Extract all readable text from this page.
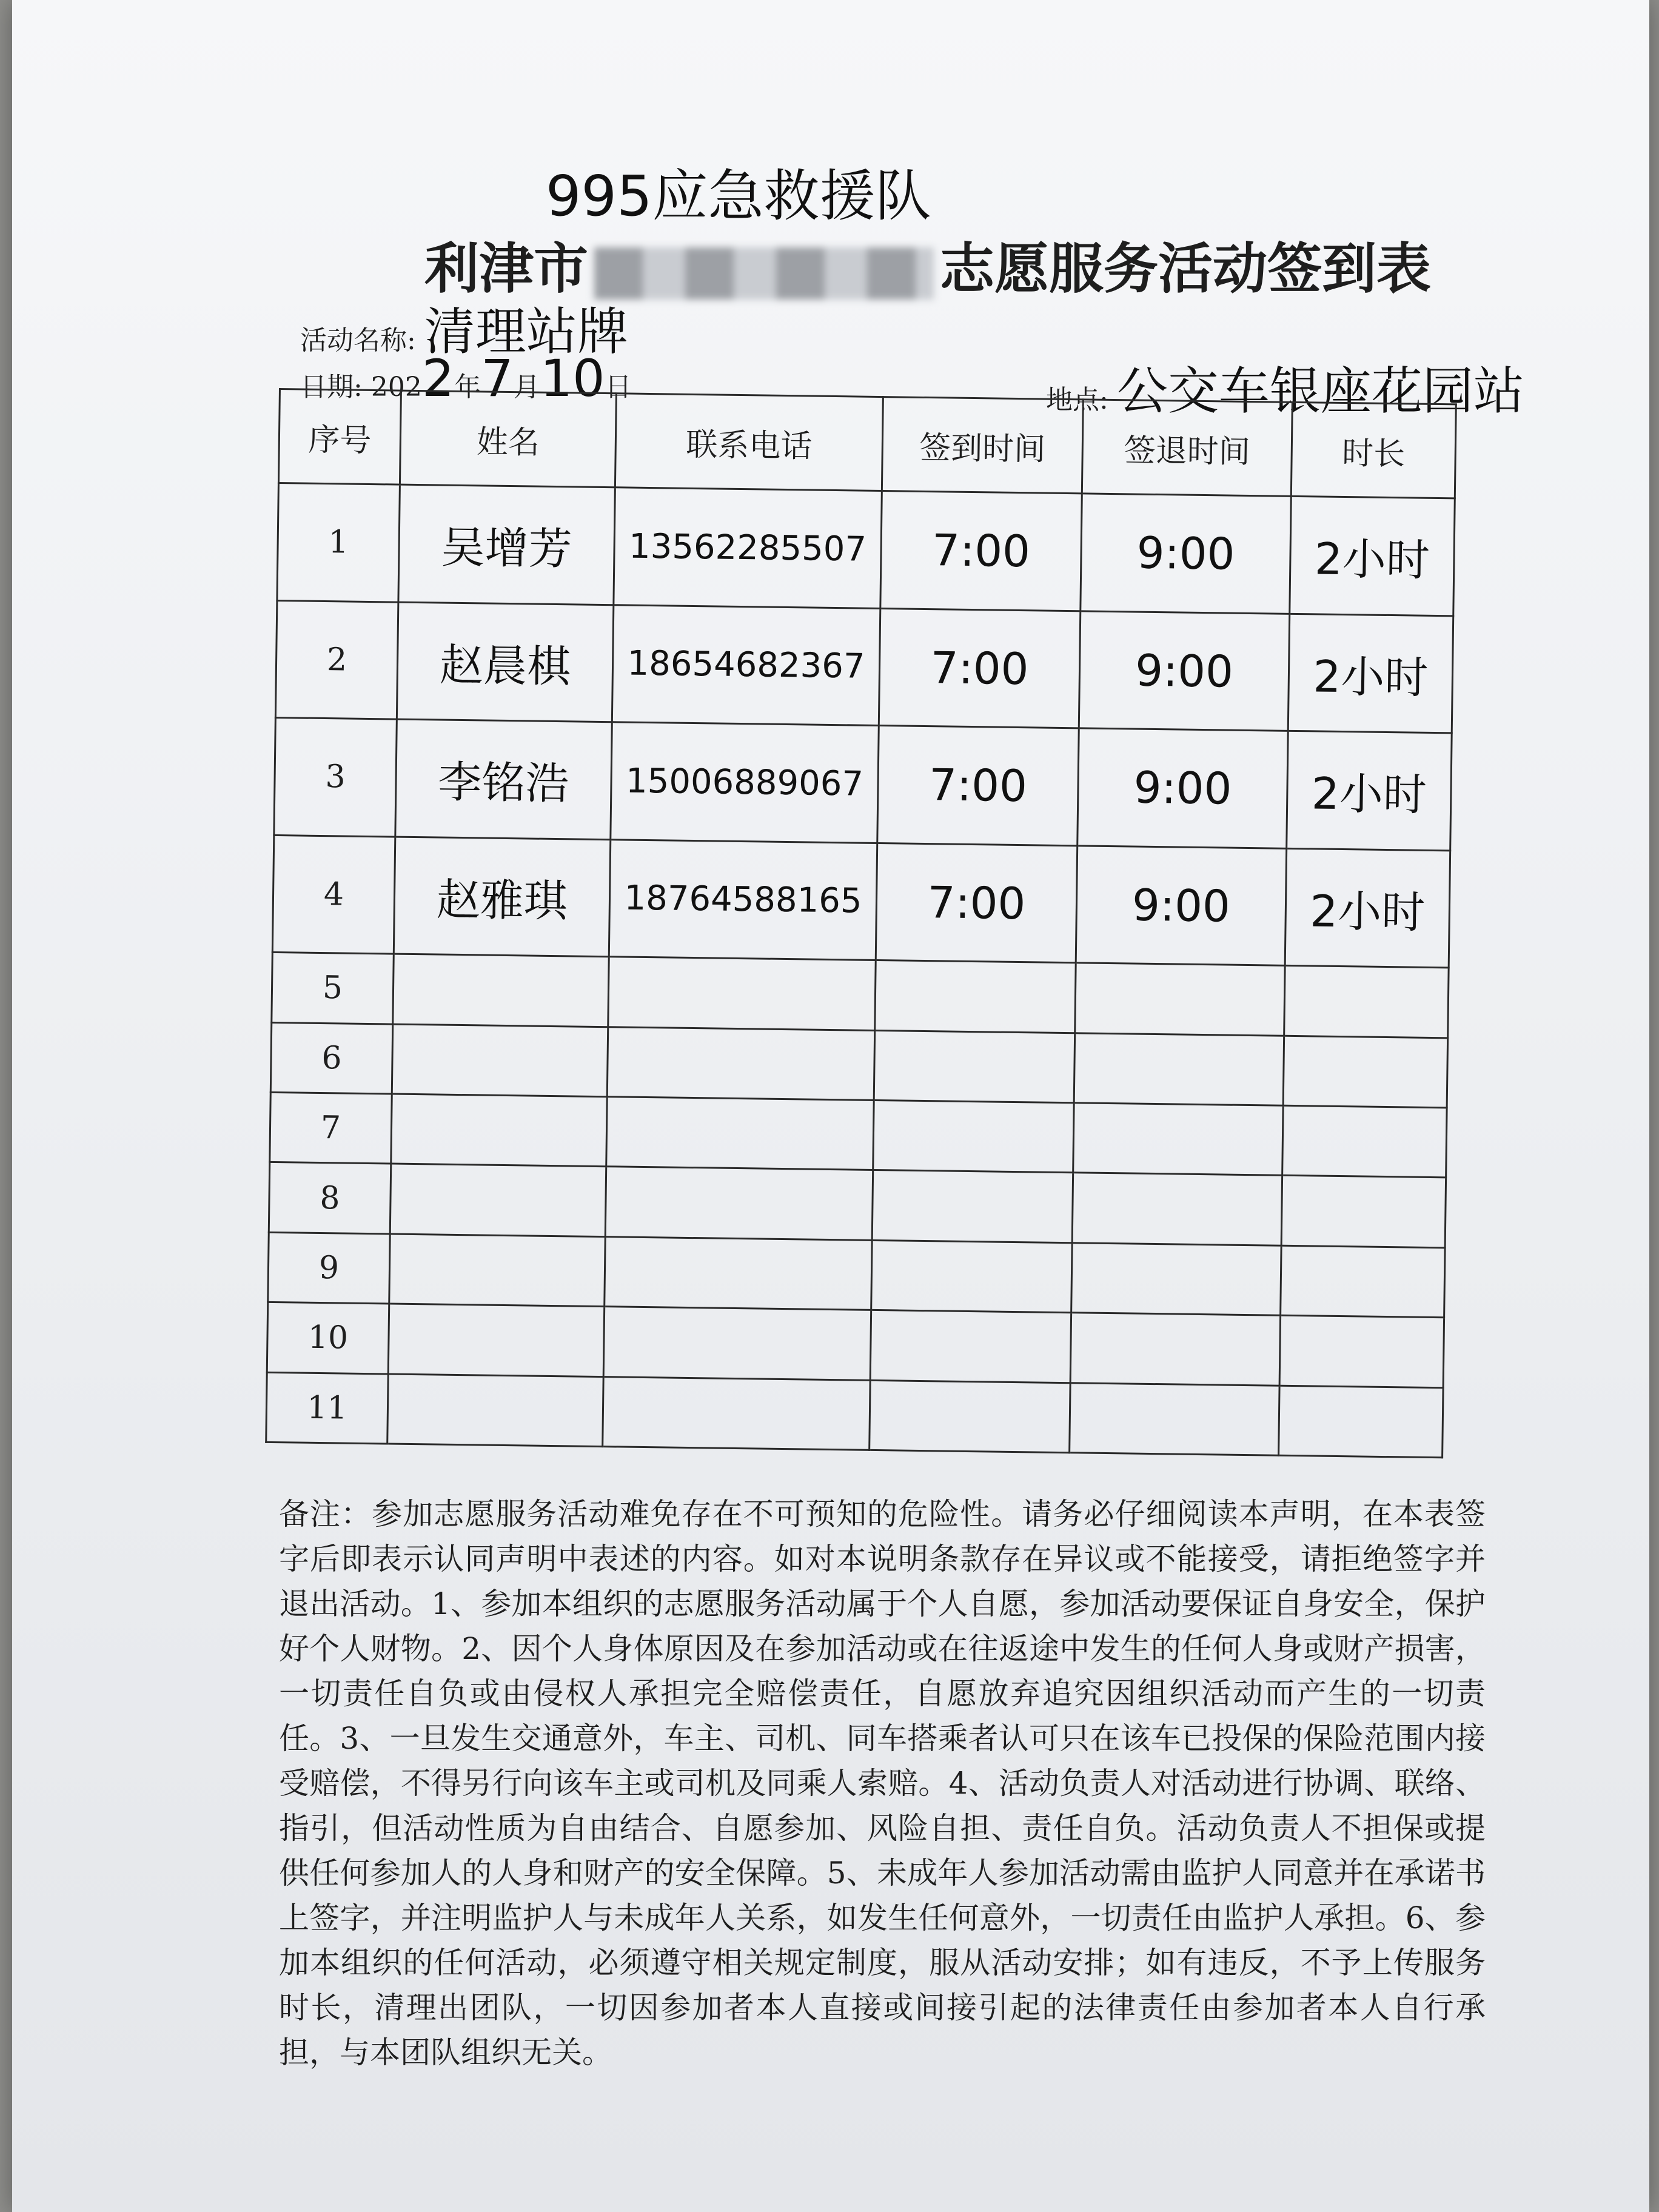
995应急救援队
利津市	志愿服务活动签到表
活动名称: 清理站牌
日期: 2022年7月10日	地点: 公交车银座花园站
序号	姓名	联系电话	签到时间	签退时间	时长
1	吴增芳	13562285507	7:00	9:00	2小时
2	赵晨棋	18654682367	7:00	9:00	2小时
3	李铭浩	15006889067	7:00	9:00	2小时
4	赵雅琪	18764588165	7:00	9:00	2小时
5					
6					
7					
8					
9					
10					
11					
备注：参加志愿服务活动难免存在不可预知的危险性。请务必仔细阅读本声明，在本表签字后即表示认同声明中表述的内容。如对本说明条款存在异议或不能接受，请拒绝签字并退出活动。1、参加本组织的志愿服务活动属于个人自愿，参加活动要保证自身安全，保护好个人财物。2、因个人身体原因及在参加活动或在往返途中发生的任何人身或财产损害，一切责任自负或由侵权人承担完全赔偿责任，自愿放弃追究因组织活动而产生的一切责任。3、一旦发生交通意外，车主、司机、同车搭乘者认可只在该车已投保的保险范围内接受赔偿，不得另行向该车主或司机及同乘人索赔。4、活动负责人对活动进行协调、联络、指引，但活动性质为自由结合、自愿参加、风险自担、责任自负。活动负责人不担保或提供任何参加人的人身和财产的安全保障。5、未成年人参加活动需由监护人同意并在承诺书上签字，并注明监护人与未成年人关系，如发生任何意外，一切责任由监护人承担。6、参加本组织的任何活动，必须遵守相关规定制度，服从活动安排；如有违反，不予上传服务时长，清理出团队，一切因参加者本人直接或间接引起的法律责任由参加者本人自行承担，与本团队组织无关。
